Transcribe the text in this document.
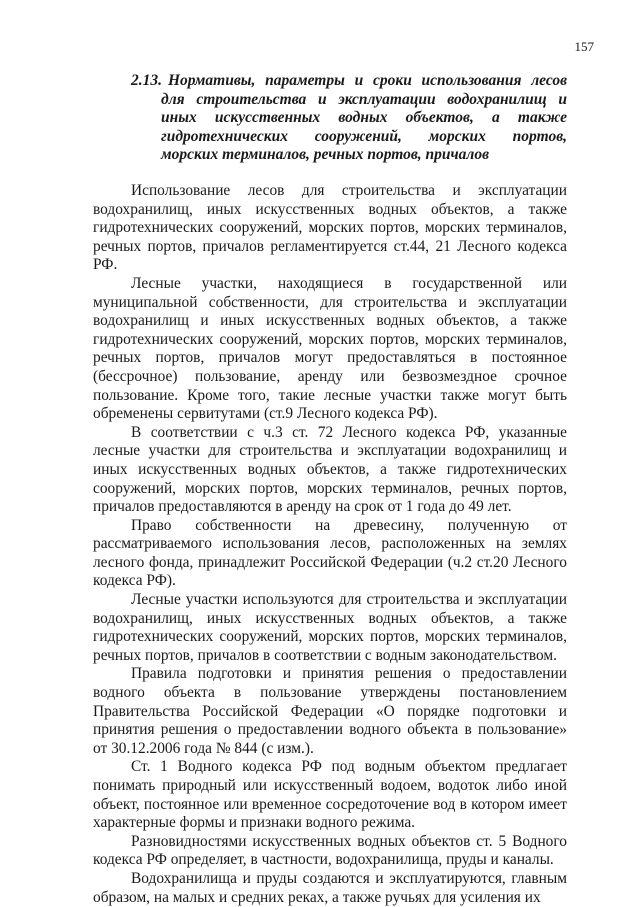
157
2.13. Нормативы, параметры и сроки использования лесов
для строительства и эксплуатации водохранилищ и
иных искусственных водных объектов, а также
гидротехнических сооружений, морских портов,
морских терминалов, речных портов, причалов

Использование лесов для строительства и эксплуатации водохранилищ, иных искусственных водных объектов, а также гидротехнических сооружений, морских портов, морских терминалов, речных портов, причалов регламентируется ст.44, 21 Лесного кодекса РФ.

Лесные участки, находящиеся в государственной или муниципальной собственности, для строительства и эксплуатации водохранилищ и иных искусственных водных объектов, а также гидротехнических сооружений, морских портов, морских терминалов, речных портов, причалов могут предоставляться в постоянное (бессрочное) пользование, аренду или безвозмездное срочное пользование. Кроме того, такие лесные участки также могут быть обременены сервитутами (ст.9 Лесного кодекса РФ).

В соответствии с ч.3 ст. 72 Лесного кодекса РФ, указанные лесные участки для строительства и эксплуатации водохранилищ и иных искусственных водных объектов, а также гидротехнических сооружений, морских портов, морских терминалов, речных портов, причалов предоставляются в аренду на срок от 1 года до 49 лет.

Право собственности на древесину, полученную от рассматриваемого использования лесов, расположенных на землях лесного фонда, принадлежит Российской Федерации (ч.2 ст.20 Лесного кодекса РФ).

Лесные участки используются для строительства и эксплуатации водохранилищ, иных искусственных водных объектов, а также гидротехнических сооружений, морских портов, морских терминалов, речных портов, причалов в соответствии с водным законодательством.

Правила подготовки и принятия решения о предоставлении водного объекта в пользование утверждены постановлением Правительства Российской Федерации «О порядке подготовки и принятия решения о предоставлении водного объекта в пользование» от 30.12.2006 года № 844 (с изм.).

Ст. 1 Водного кодекса РФ под водным объектом предлагает понимать природный или искусственный водоем, водоток либо иной объект, постоянное или временное сосредоточение вод в котором имеет характерные формы и признаки водного режима.

Разновидностями искусственных водных объектов ст. 5 Водного кодекса РФ определяет, в частности, водохранилища, пруды и каналы.

Водохранилища и пруды создаются и эксплуатируются, главным образом, на малых и средних реках, а также ручьях для усиления их
